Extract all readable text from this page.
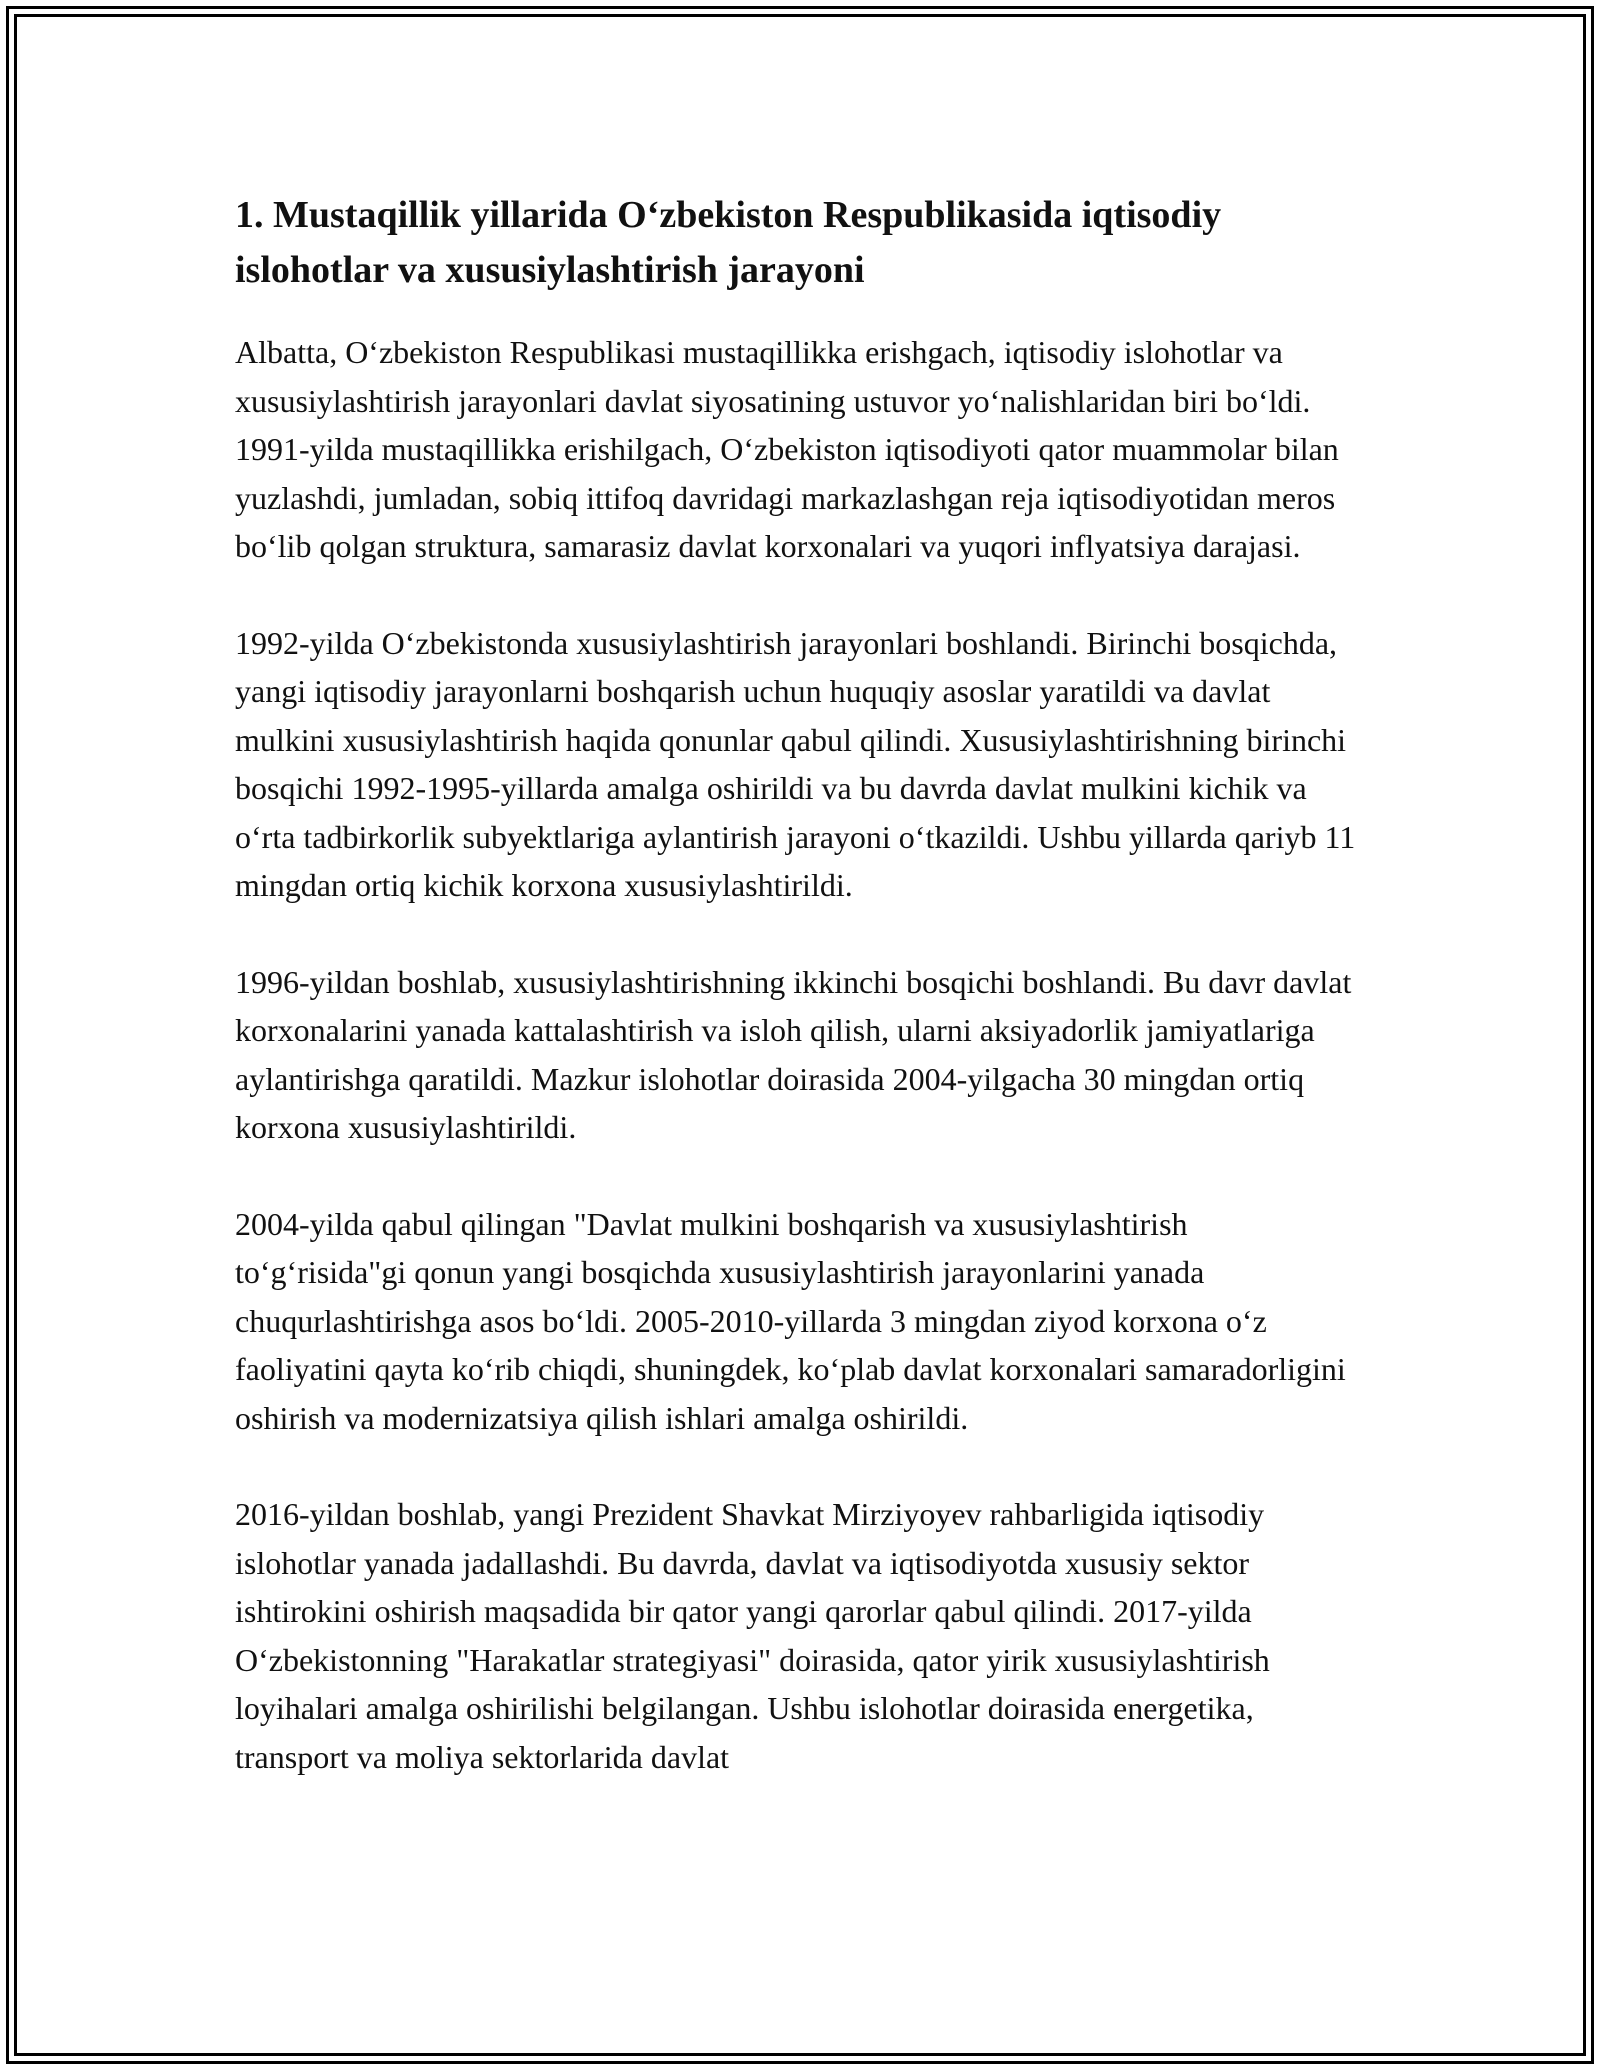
1. Mustaqillik yillarida O‘zbekiston Respublikasida iqtisodiy islohotlar va xususiylashtirish jarayoni

Albatta, O‘zbekiston Respublikasi mustaqillikka erishgach, iqtisodiy islohotlar va xususiylashtirish jarayonlari davlat siyosatining ustuvor yo‘nalishlaridan biri bo‘ldi. 1991-yilda mustaqillikka erishilgach, O‘zbekiston iqtisodiyoti qator muammolar bilan yuzlashdi, jumladan, sobiq ittifoq davridagi markazlashgan reja iqtisodiyotidan meros bo‘lib qolgan struktura, samarasiz davlat korxonalari va yuqori inflyatsiya darajasi.

1992-yilda O‘zbekistonda xususiylashtirish jarayonlari boshlandi. Birinchi bosqichda, yangi iqtisodiy jarayonlarni boshqarish uchun huquqiy asoslar yaratildi va davlat mulkini xususiylashtirish haqida qonunlar qabul qilindi. Xususiylashtirishning birinchi bosqichi 1992-1995-yillarda amalga oshirildi va bu davrda davlat mulkini kichik va o‘rta tadbirkorlik subyektlariga aylantirish jarayoni o‘tkazildi. Ushbu yillarda qariyb 11 mingdan ortiq kichik korxona xususiylashtirildi.

1996-yildan boshlab, xususiylashtirishning ikkinchi bosqichi boshlandi. Bu davr davlat korxonalarini yanada kattalashtirish va isloh qilish, ularni aksiyadorlik jamiyatlariga aylantirishga qaratildi. Mazkur islohotlar doirasida 2004-yilgacha 30 mingdan ortiq korxona xususiylashtirildi.

2004-yilda qabul qilingan "Davlat mulkini boshqarish va xususiylashtirish to‘g‘risida"gi qonun yangi bosqichda xususiylashtirish jarayonlarini yanada chuqurlashtirishga asos bo‘ldi. 2005-2010-yillarda 3 mingdan ziyod korxona o‘z faoliyatini qayta ko‘rib chiqdi, shuningdek, ko‘plab davlat korxonalari samaradorligini oshirish va modernizatsiya qilish ishlari amalga oshirildi.

2016-yildan boshlab, yangi Prezident Shavkat Mirziyoyev rahbarligida iqtisodiy islohotlar yanada jadallashdi. Bu davrda, davlat va iqtisodiyotda xususiy sektor ishtirokini oshirish maqsadida bir qator yangi qarorlar qabul qilindi. 2017-yilda O‘zbekistonning "Harakatlar strategiyasi" doirasida, qator yirik xususiylashtirish loyihalari amalga oshirilishi belgilangan. Ushbu islohotlar doirasida energetika, transport va moliya sektorlarida davlat
